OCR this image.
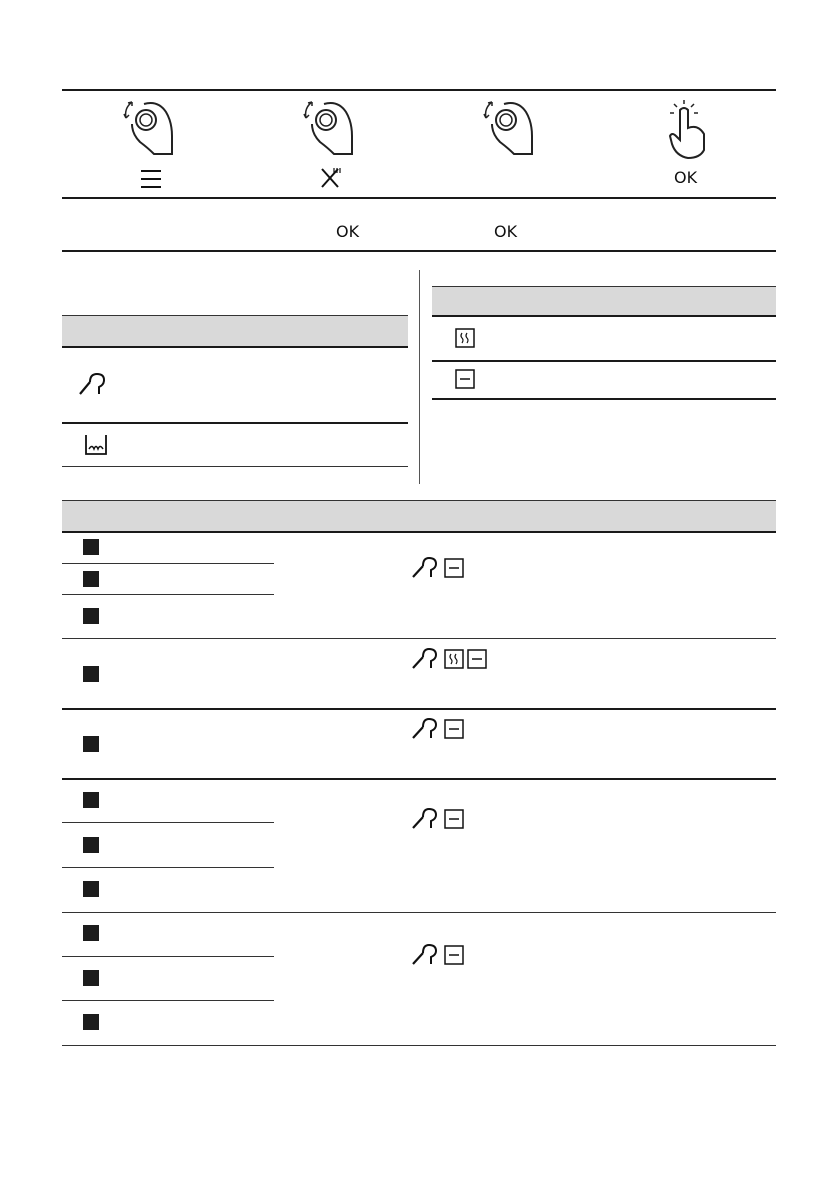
OK
OK	OK
